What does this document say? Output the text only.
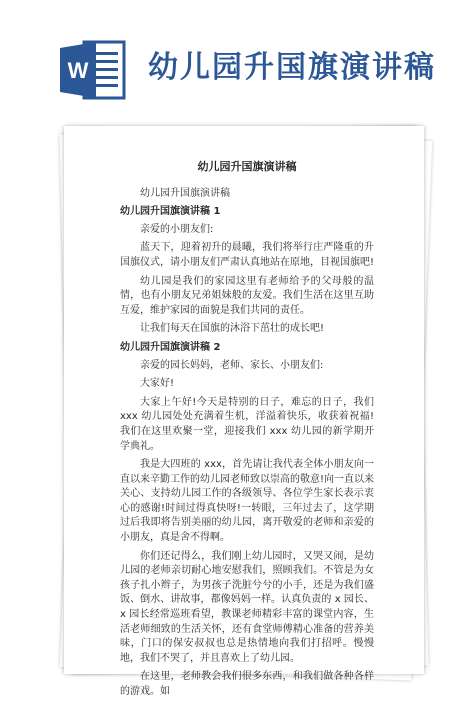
W 幼儿园升国旗演讲稿
幼儿园升国旗演讲稿

幼儿园升国旗演讲稿

幼儿园升国旗演讲稿 1

亲爱的小朋友们:

蓝天下，迎着初升的晨曦，我们将举行庄严隆重的升国旗仪式，请小朋友们严肃认真地站在原地，目视国旗吧!

幼儿园是我们的家园这里有老师给予的父母般的温情，也有小朋友兄弟姐妹般的友爱。我们生活在这里互助互爱，维护家园的面貌是我们共同的责任。

让我们每天在国旗的沐浴下茁壮的成长吧!

幼儿园升国旗演讲稿 2

亲爱的园长妈妈，老师、家长、小朋友们:

大家好!

大家上午好!今天是特别的日子，难忘的日子，我们 xxx 幼儿园处处充满着生机，洋溢着快乐，收获着祝福!我们在这里欢聚一堂，迎接我们 xxx 幼儿园的新学期开学典礼。

我是大四班的 xxx，首先请让我代表全体小朋友向一直以来辛勤工作的幼儿园老师致以崇高的敬意!向一直以来关心、支持幼儿园工作的各级领导、各位学生家长表示衷心的感谢!时间过得真快呀!一转眼，三年过去了，这学期过后我即将告别美丽的幼儿园，离开敬爱的老师和亲爱的小朋友，真是舍不得啊。

你们还记得么，我们刚上幼儿园时，又哭又闹，是幼儿园的老师亲切耐心地安慰我们，照顾我们。不管是为女孩子扎小辫子，为男孩子洗脏兮兮的小手，还是为我们盛饭、倒水、讲故事，都像妈妈一样。认真负责的 x 园长、x 园长经常巡班看望，教课老师精彩丰富的课堂内容，生活老师细致的生活关怀，还有食堂师傅精心准备的营养美味，门口的保安叔叔也总是热情地向我们打招呼。慢慢地，我们不哭了，并且喜欢上了幼儿园。

在这里，老师教会我们很多东西，和我们做各种各样的游戏。如
